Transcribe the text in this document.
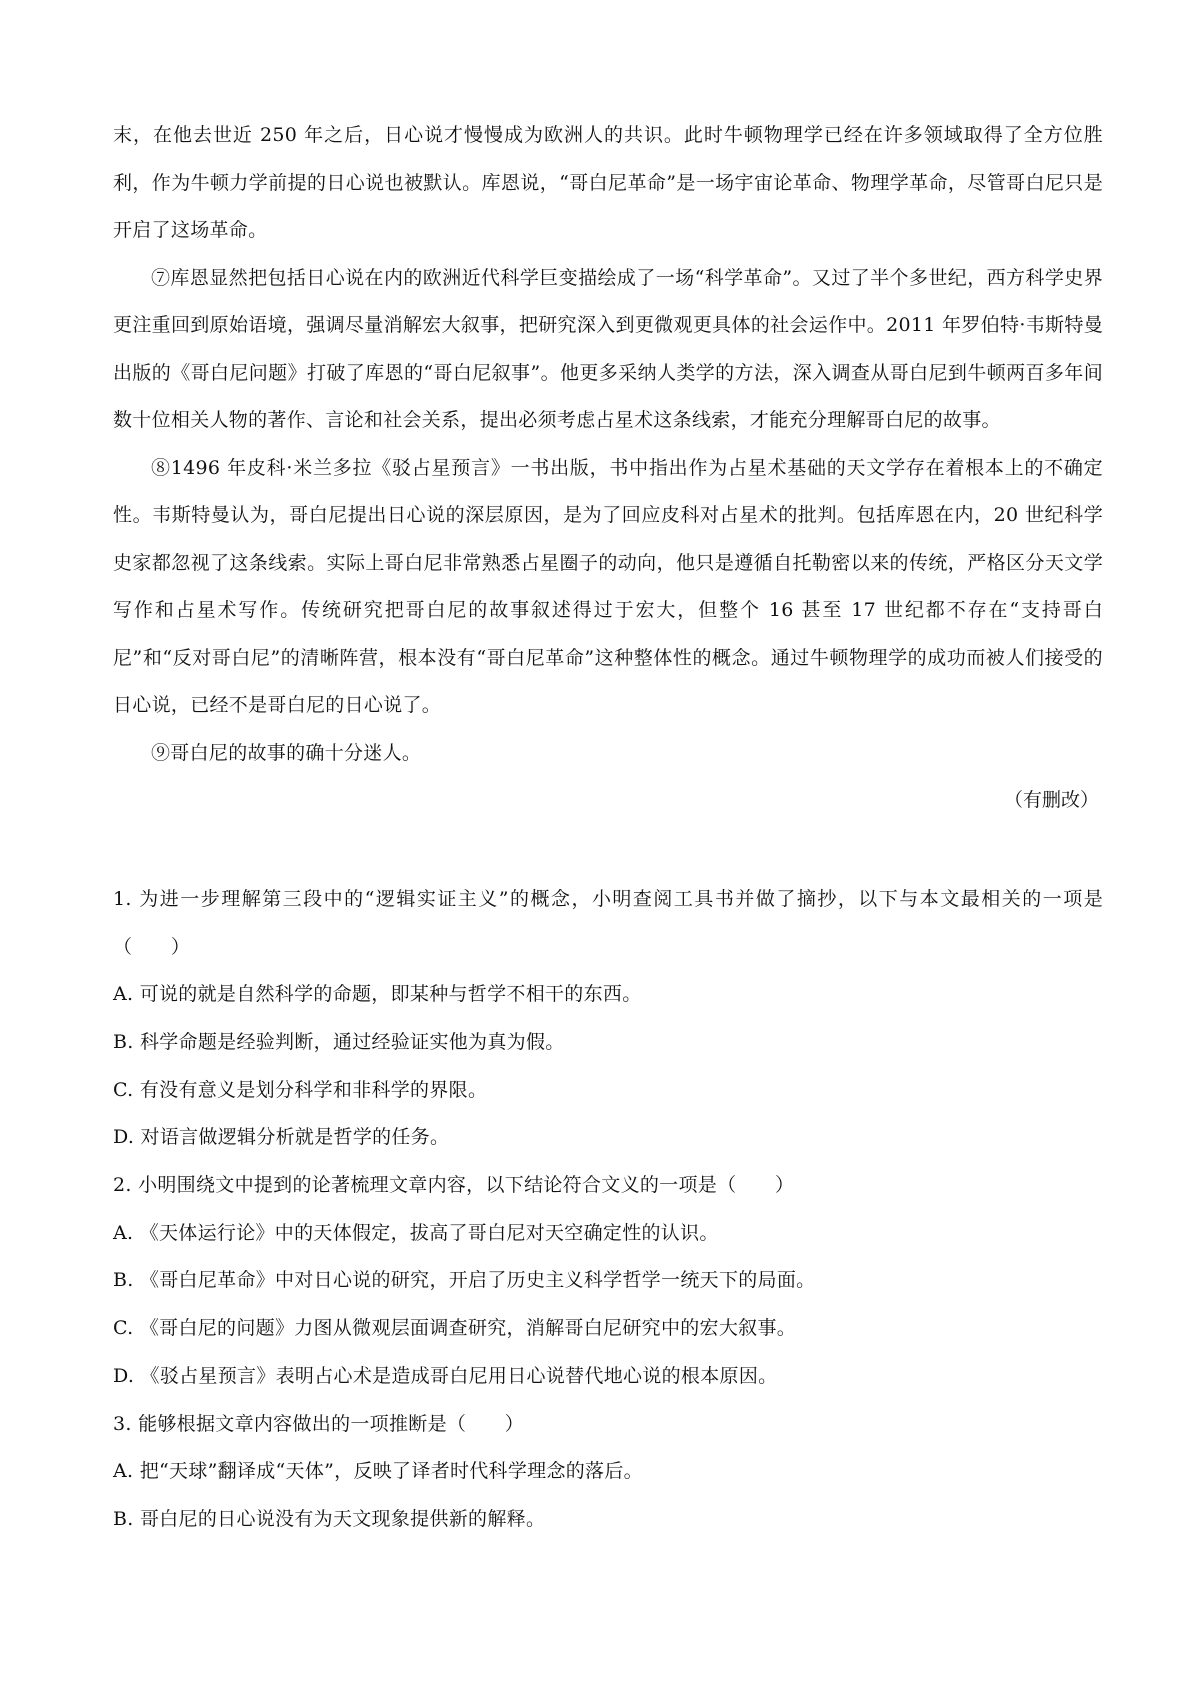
末，在他去世近 250 年之后，日心说才慢慢成为欧洲人的共识。此时牛顿物理学已经在许多领域取得了全方位胜利，作为牛顿力学前提的日心说也被默认。库恩说，“哥白尼革命”是一场宇宙论革命、物理学革命，尽管哥白尼只是开启了这场革命。

⑦库恩显然把包括日心说在内的欧洲近代科学巨变描绘成了一场“科学革命”。又过了半个多世纪，西方科学史界更注重回到原始语境，强调尽量消解宏大叙事，把研究深入到更微观更具体的社会运作中。2011 年罗伯特·韦斯特曼出版的《哥白尼问题》打破了库恩的“哥白尼叙事”。他更多采纳人类学的方法，深入调查从哥白尼到牛顿两百多年间数十位相关人物的著作、言论和社会关系，提出必须考虑占星术这条线索，才能充分理解哥白尼的故事。

⑧1496 年皮科·米兰多拉《驳占星预言》一书出版，书中指出作为占星术基础的天文学存在着根本上的不确定性。韦斯特曼认为，哥白尼提出日心说的深层原因，是为了回应皮科对占星术的批判。包括库恩在内，20 世纪科学史家都忽视了这条线索。实际上哥白尼非常熟悉占星圈子的动向，他只是遵循自托勒密以来的传统，严格区分天文学写作和占星术写作。传统研究把哥白尼的故事叙述得过于宏大，但整个 16 甚至 17 世纪都不存在“支持哥白尼”和“反对哥白尼”的清晰阵营，根本没有“哥白尼革命”这种整体性的概念。通过牛顿物理学的成功而被人们接受的日心说，已经不是哥白尼的日心说了。

⑨哥白尼的故事的确十分迷人。

（有删改）

1. 为进一步理解第三段中的“逻辑实证主义”的概念，小明查阅工具书并做了摘抄，以下与本文最相关的一项是（　　）

A. 可说的就是自然科学的命题，即某种与哲学不相干的东西。

B. 科学命题是经验判断，通过经验证实他为真为假。

C. 有没有意义是划分科学和非科学的界限。

D. 对语言做逻辑分析就是哲学的任务。

2. 小明围绕文中提到的论著梳理文章内容，以下结论符合文义的一项是（　　）

A. 《天体运行论》中的天体假定，拔高了哥白尼对天空确定性的认识。

B. 《哥白尼革命》中对日心说的研究，开启了历史主义科学哲学一统天下的局面。

C. 《哥白尼的问题》力图从微观层面调查研究，消解哥白尼研究中的宏大叙事。

D. 《驳占星预言》表明占心术是造成哥白尼用日心说替代地心说的根本原因。

3. 能够根据文章内容做出的一项推断是（　　）

A. 把“天球”翻译成“天体”，反映了译者时代科学理念的落后。

B. 哥白尼的日心说没有为天文现象提供新的解释。
